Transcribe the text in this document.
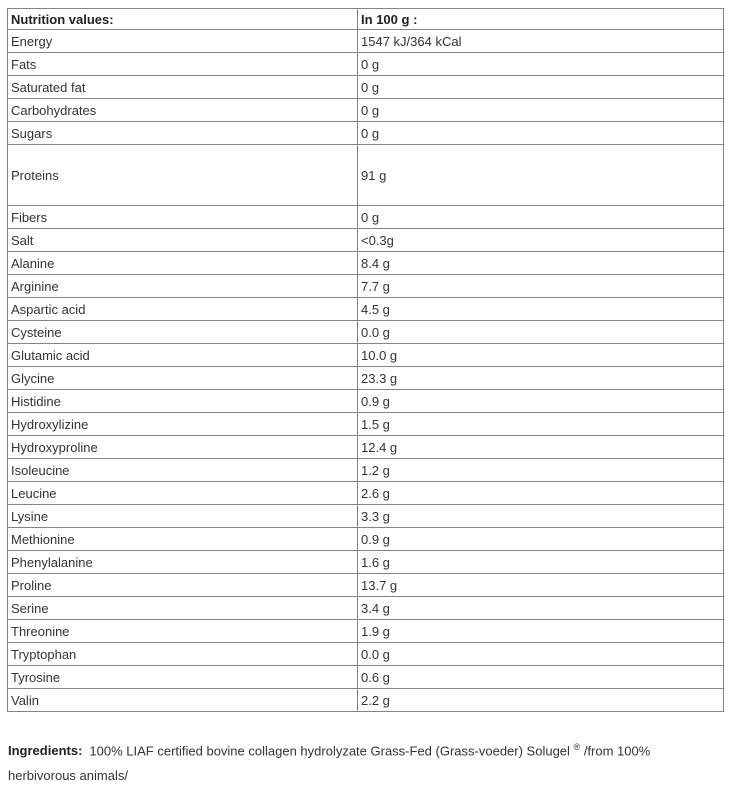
Nutrition values:	In 100 g :
Energy	1547 kJ/364 kCal
Fats	0 g
Saturated fat	0 g
Carbohydrates	0 g
Sugars	0 g
Proteins	91 g
Fibers	0 g
Salt	<0.3g
Alanine	8.4 g
Arginine	7.7 g
Aspartic acid	4.5 g
Cysteine	0.0 g
Glutamic acid	10.0 g
Glycine	23.3 g
Histidine	0.9 g
Hydroxylizine	1.5 g
Hydroxyproline	12.4 g
Isoleucine	1.2 g
Leucine	2.6 g
Lysine	3.3 g
Methionine	0.9 g
Phenylalanine	1.6 g
Proline	13.7 g
Serine	3.4 g
Threonine	1.9 g
Tryptophan	0.0 g
Tyrosine	0.6 g
Valin	2.2 g

Ingredients: 100% LIAF certified bovine collagen hydrolyzate Grass-Fed (Grass-voeder) Solugel ® /from 100% herbivorous animals/
